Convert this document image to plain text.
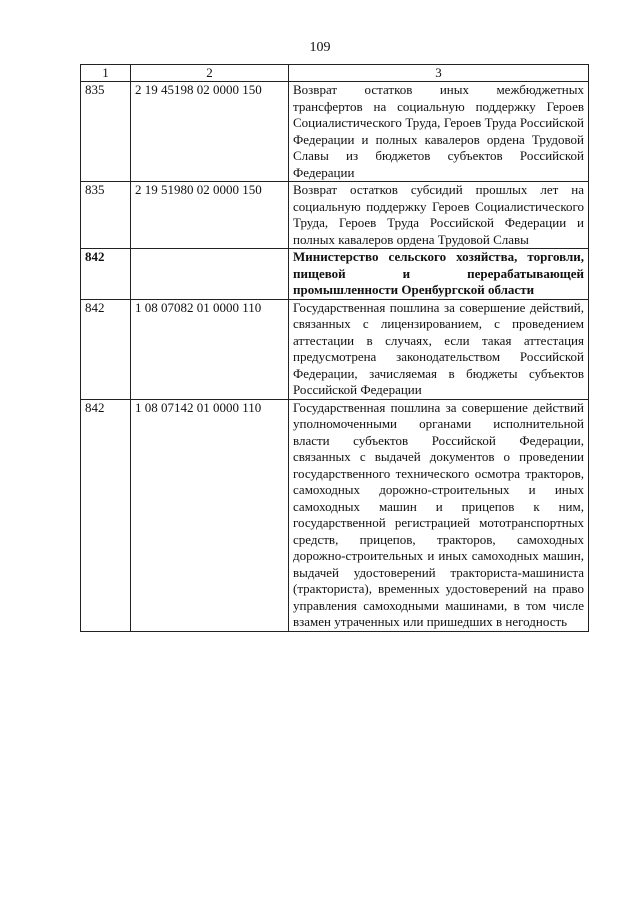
109
1	2	3
835	2 19 45198 02 0000 150	Возврат остатков иных межбюджетных трансфертов на социальную поддержку Героев Социалистического Труда, Героев Труда Российской Федерации и полных кавалеров ордена Трудовой Славы из бюджетов субъектов Российской Федерации
835	2 19 51980 02 0000 150	Возврат остатков субсидий прошлых лет на социальную поддержку Героев Социалистического Труда, Героев Труда Российской Федерации и полных кавалеров ордена Трудовой Славы
842		Министерство сельского хозяйства, торговли, пищевой и перерабатывающей промышленности Оренбургской области
842	1 08 07082 01 0000 110	Государственная пошлина за совершение действий, связанных с лицензированием, с проведением аттестации в случаях, если такая аттестация предусмотрена законодательством Российской Федерации, зачисляемая в бюджеты субъектов Российской Федерации
842	1 08 07142 01 0000 110	Государственная пошлина за совершение действий уполномоченными органами исполнительной власти субъектов Российской Федерации, связанных с выдачей документов о проведении государственного технического осмотра тракторов, самоходных дорожно-строительных и иных самоходных машин и прицепов к ним, государственной регистрацией мототранспортных средств, прицепов, тракторов, самоходных дорожно-строительных и иных самоходных машин, выдачей удостоверений тракториста-машиниста (тракториста), временных удостоверений на право управления самоходными машинами, в том числе взамен утраченных или пришедших в негодность
